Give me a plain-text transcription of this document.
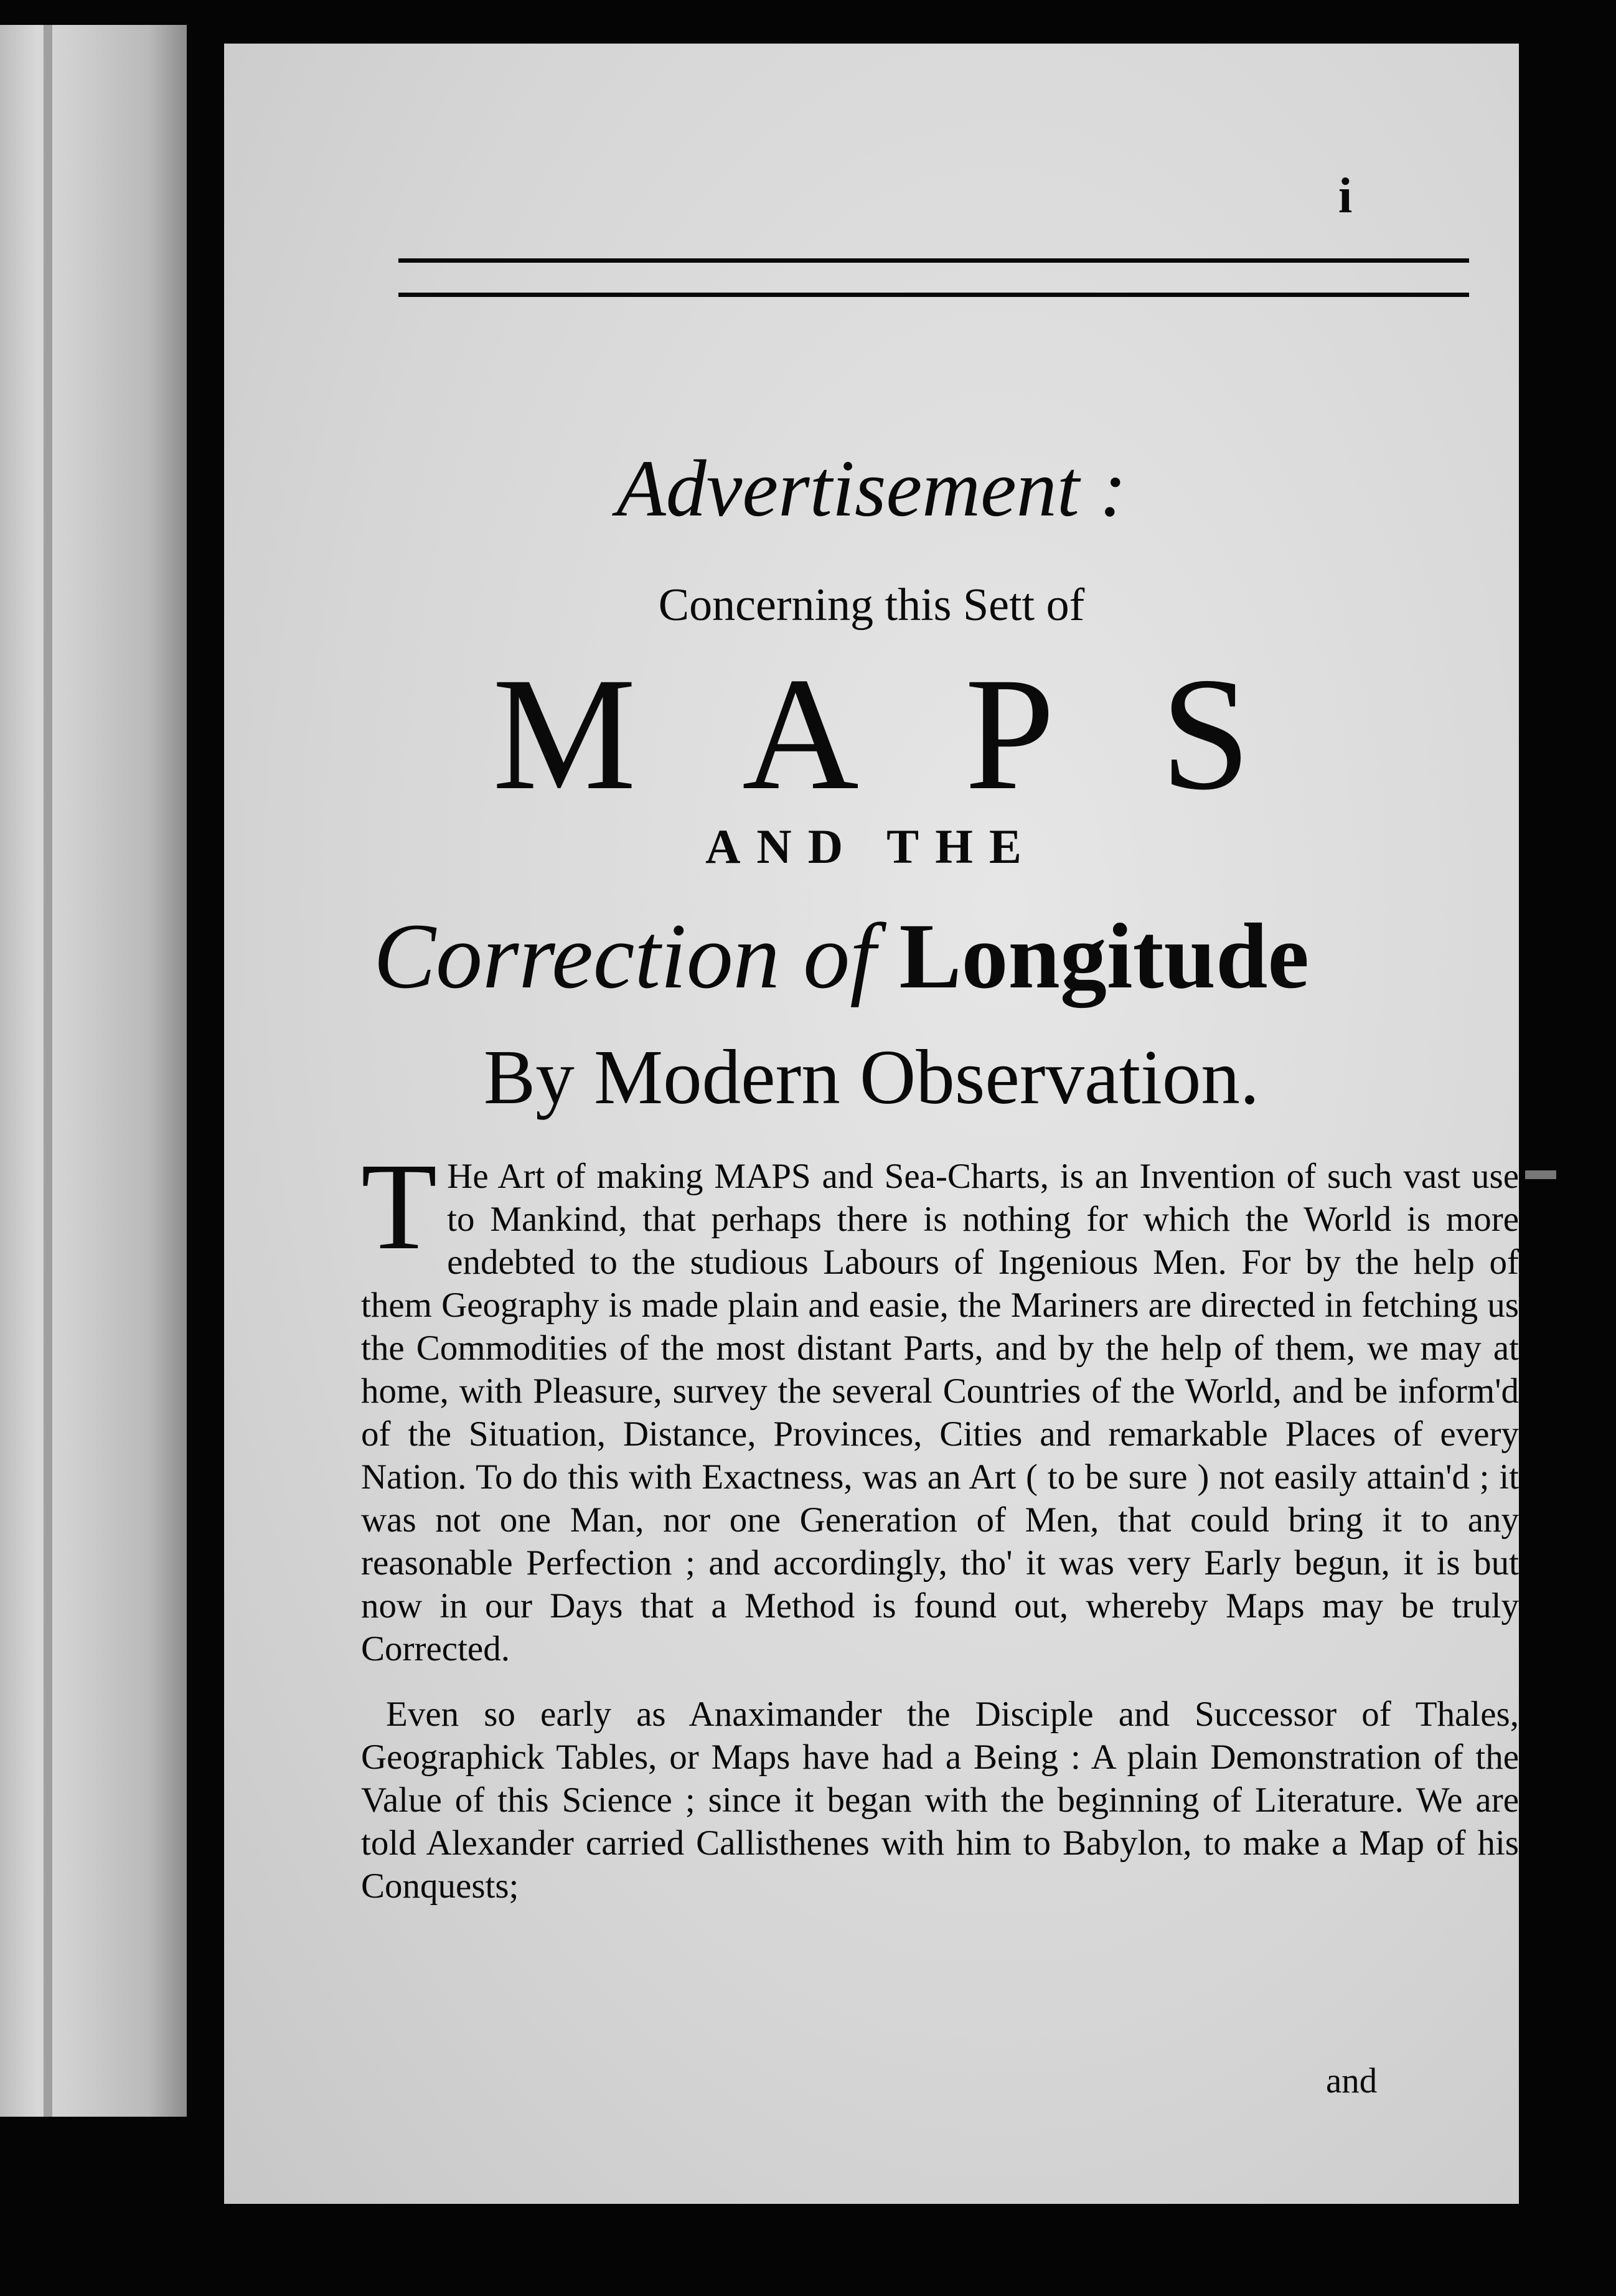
i
Advertisement :
Concerning this Sett of
MAPS
AND THE
Correction of Longitude
By Modern Observation.

T He Art of making MAPS and Sea-Charts, is an Invention of such vast use to Mankind, that perhaps there is nothing for which the World is more endebted to the studious Labours of Ingenious Men. For by the help of them Geography is made plain and easie, the Mariners are directed in fetching us the Commodities of the most distant Parts, and by the help of them, we may at home, with Pleasure, survey the several Countries of the World, and be inform'd of the Situation, Distance, Provinces, Cities and remarkable Places of every Nation. To do this with Exactness, was an Art ( to be sure ) not easily attain'd ; it was not one Man, nor one Generation of Men, that could bring it to any reasonable Perfection ; and accordingly, tho' it was very Early begun, it is but now in our Days that a Method is found out, whereby Maps may be truly Corrected.

Even so early as Anaximander the Disciple and Successor of Thales, Geographick Tables, or Maps have had a Being : A plain Demonstration of the Value of this Science ; since it began with the beginning of Literature. We are told Alexander carried Callisthenes with him to Babylon, to make a Map of his Conquests;

and
